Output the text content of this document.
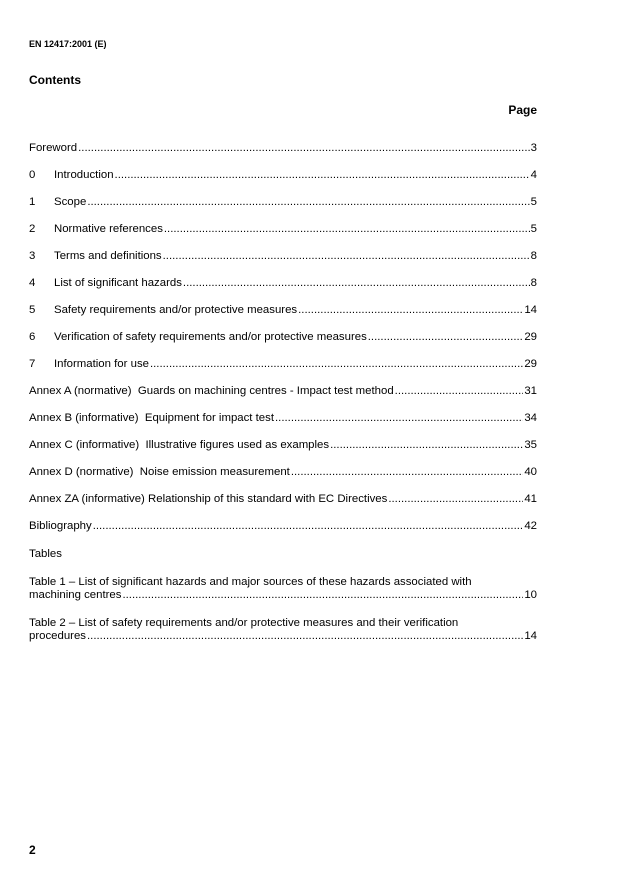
EN 12417:2001 (E)
Contents
Page
Foreword .....	3
0	Introduction .....	4
1	Scope .....	5
2	Normative references .....	5
3	Terms and definitions .....	8
4	List of significant hazards .....	8
5	Safety requirements and/or protective measures .....	14
6	Verification of safety requirements and/or protective measures .....	29
7	Information for use .....	29
Annex A (normative)  Guards on machining centres - Impact test method .....	31
Annex B (informative)  Equipment for impact test .....	34
Annex C (informative)  Illustrative figures used as examples .....	35
Annex D (normative)  Noise emission measurement .....	40
Annex ZA (informative) Relationship of this standard with EC Directives .....	41
Bibliography .....	42
Tables
Table 1 – List of significant hazards and major sources of these hazards associated with
machining centres .....	10
Table 2 – List of safety requirements and/or protective measures and their verification
procedures .....	14
2
